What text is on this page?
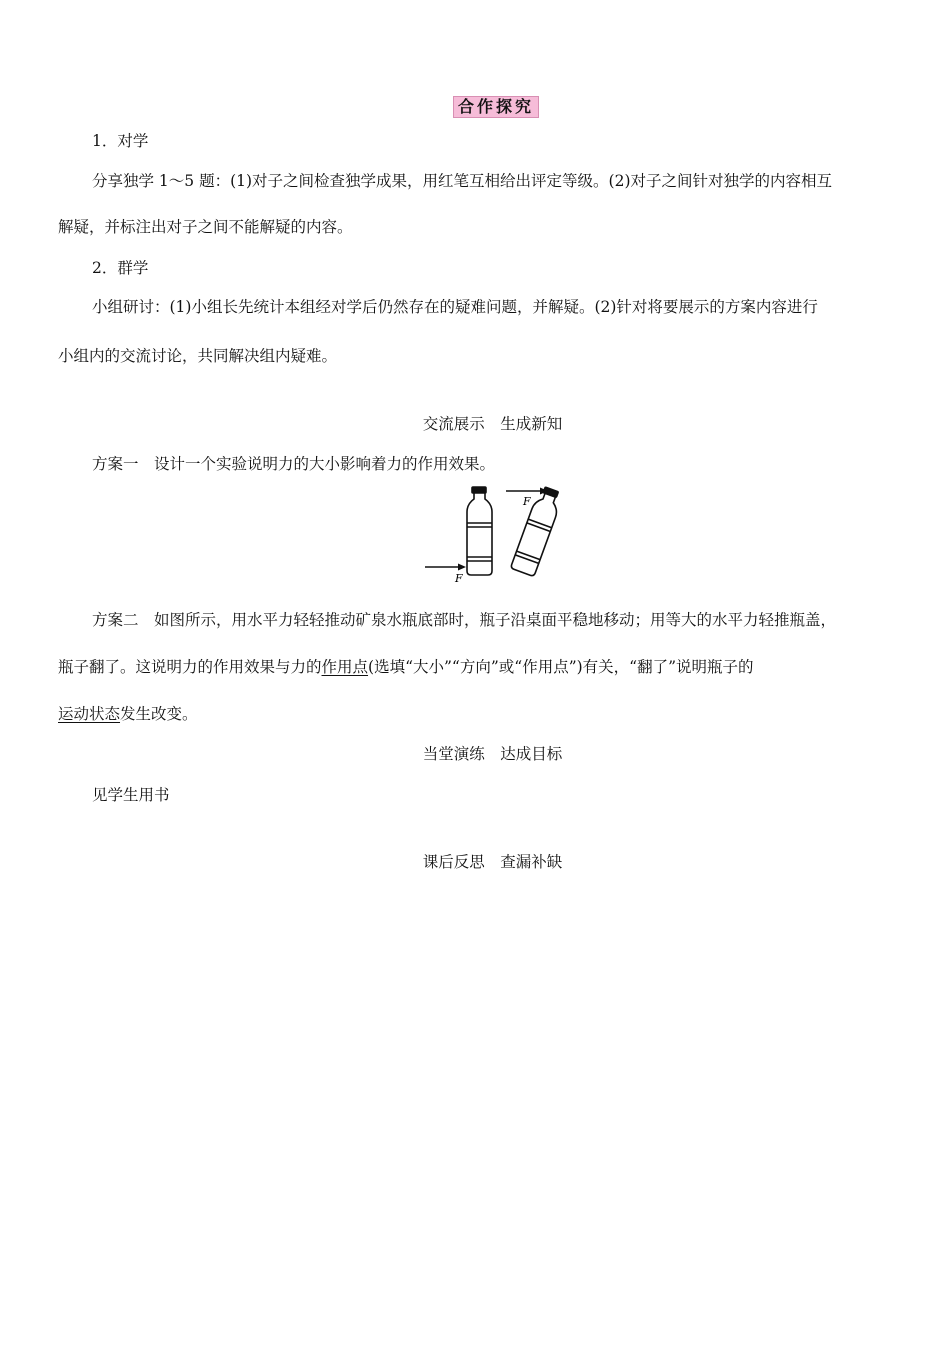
合作探究
1．对学
分享独学 1～5 题：(1)对子之间检查独学成果，用红笔互相给出评定等级。(2)对子之间针对独学的内容相互
解疑，并标注出对子之间不能解疑的内容。
2．群学
小组研讨：(1)小组长先统计本组经对学后仍然存在的疑难问题，并解疑。(2)针对将要展示的方案内容进行
小组内的交流讨论，共同解决组内疑难。
交流展示　生成新知
方案一　设计一个实验说明力的大小影响着力的作用效果。
F
F
方案二　如图所示，用水平力轻轻推动矿泉水瓶底部时，瓶子沿桌面平稳地移动；用等大的水平力轻推瓶盖，
瓶子翻了。这说明力的作用效果与力的作用点(选填“大小”“方向”或“作用点”)有关，“翻了”说明瓶子的
运动状态发生改变。
当堂演练　达成目标
见学生用书
课后反思　查漏补缺
